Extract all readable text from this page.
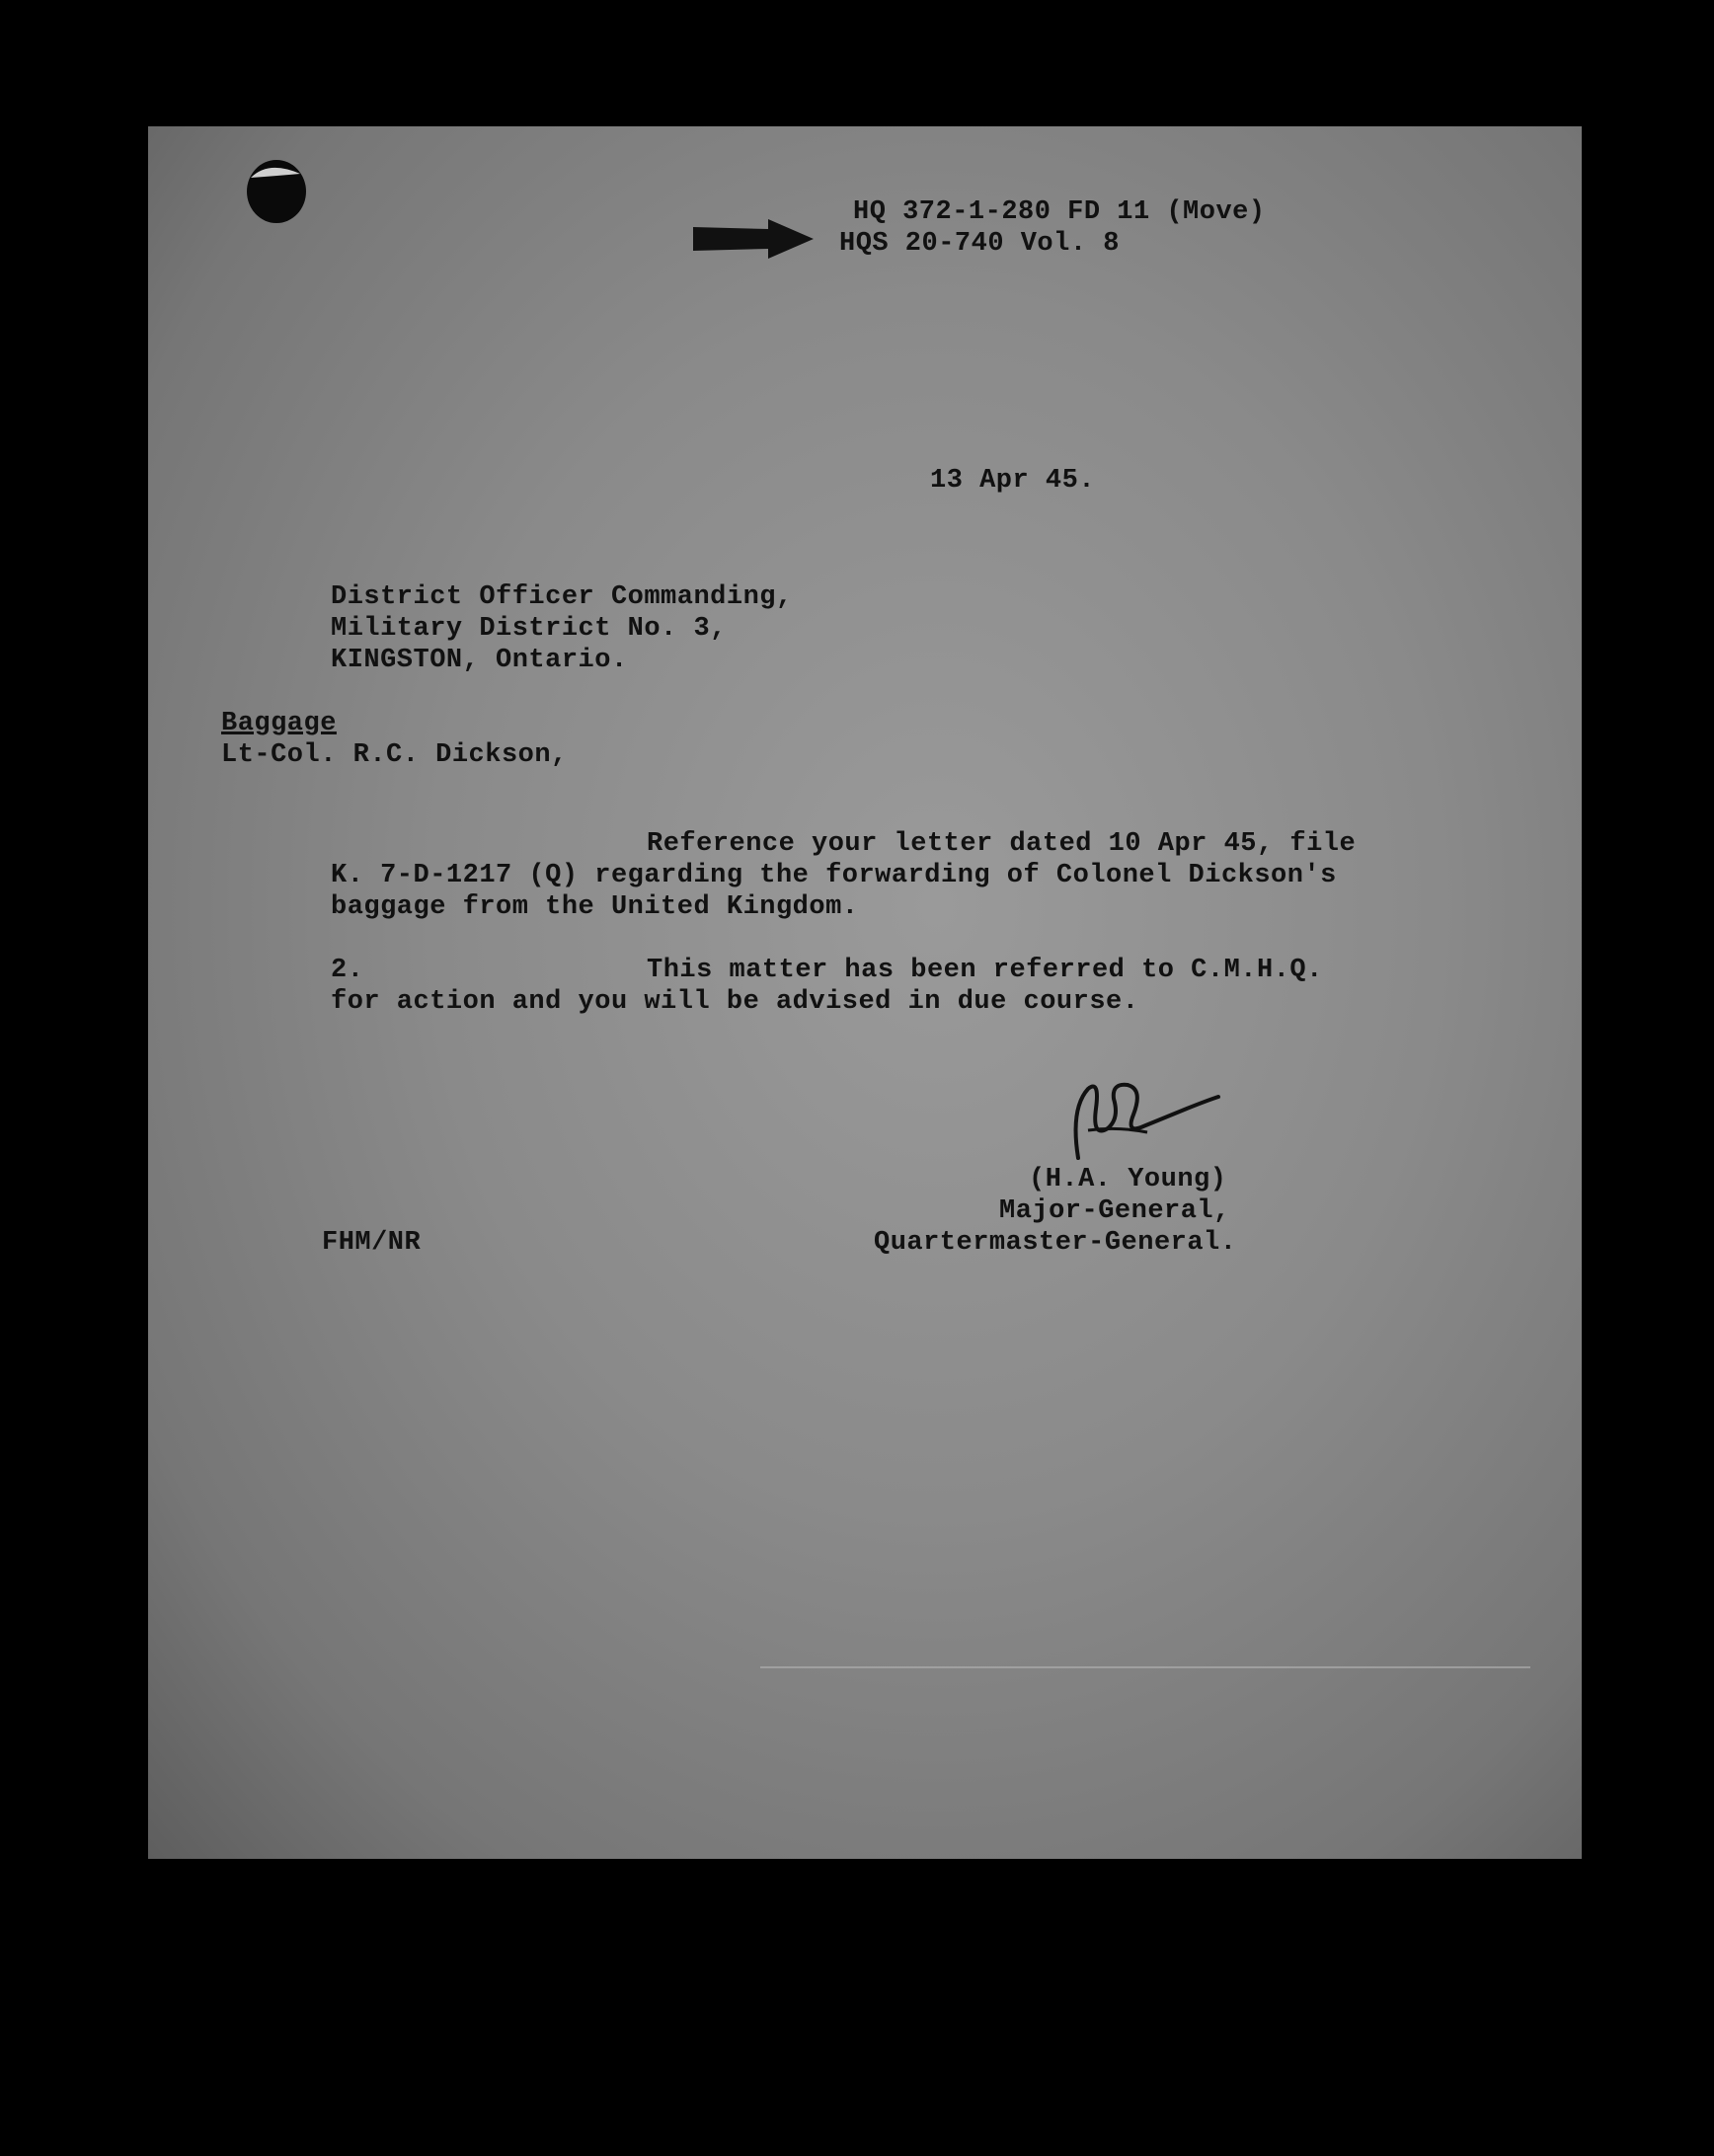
HQ 372-1-280 FD 11 (Move)
HQS 20-740 Vol. 8
13 Apr 45.
District Officer Commanding,
Military District No. 3,
KINGSTON, Ontario.
Baggage
Lt-Col. R.C. Dickson,
Reference your letter dated 10 Apr 45, file
K. 7-D-1217 (Q) regarding the forwarding of Colonel Dickson's
baggage from the United Kingdom.
2.	This matter has been referred to C.M.H.Q.
for action and you will be advised in due course.
(H.A. Young)
Major-General,
Quartermaster-General.
FHM/NR
